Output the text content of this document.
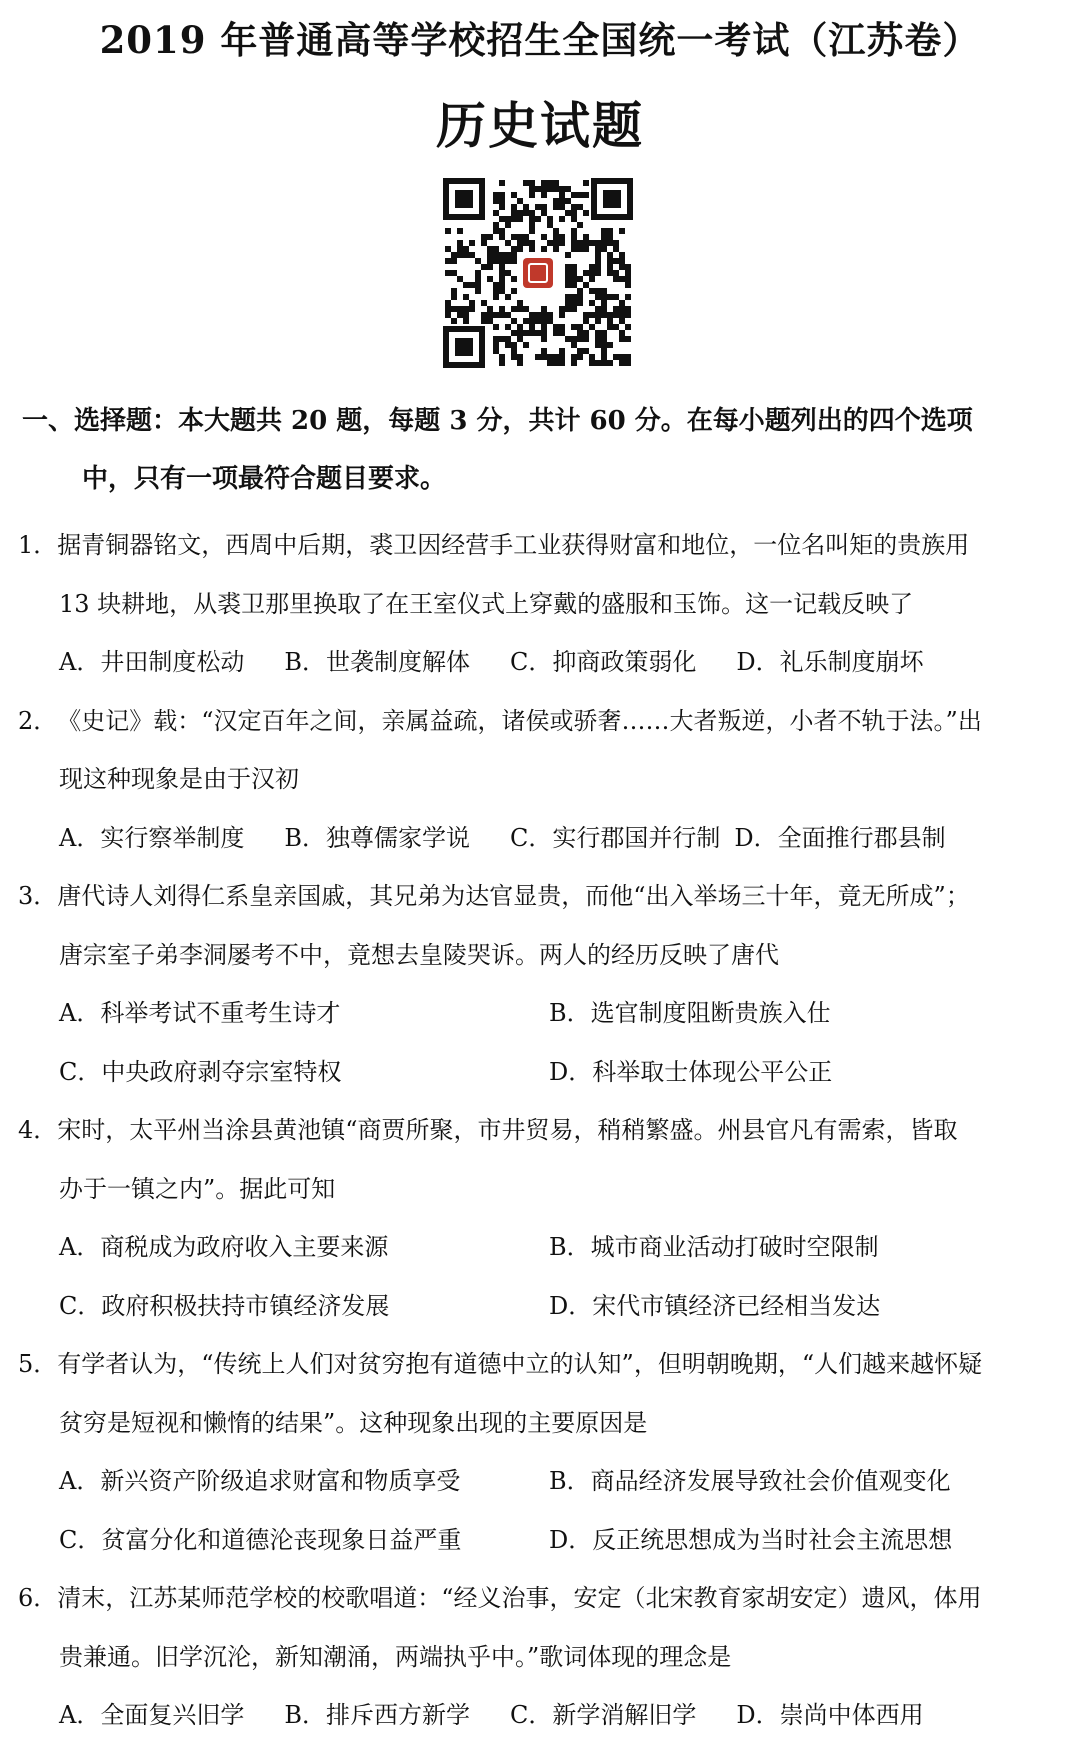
2019 年普通高等学校招生全国统一考试（江苏卷）
历史试题
一、选择题：本大题共 20 题，每题 3 分，共计 60 分。在每小题列出的四个选项
中，只有一项最符合题目要求。
1．据青铜器铭文，西周中后期，裘卫因经营手工业获得财富和地位，一位名叫矩的贵族用
13 块耕地，从裘卫那里换取了在王室仪式上穿戴的盛服和玉饰。这一记载反映了
A．井田制度松动 B．世袭制度解体 C．抑商政策弱化 D．礼乐制度崩坏
2．《史记》载：“汉定百年之间，亲属益疏，诸侯或骄奢……大者叛逆，小者不轨于法。”出
现这种现象是由于汉初
A．实行察举制度 B．独尊儒家学说 C．实行郡国并行制 D．全面推行郡县制
3．唐代诗人刘得仁系皇亲国戚，其兄弟为达官显贵，而他“出入举场三十年，竟无所成”；
唐宗室子弟李洞屡考不中，竟想去皇陵哭诉。两人的经历反映了唐代
A．科举考试不重考生诗才	B．选官制度阻断贵族入仕
C．中央政府剥夺宗室特权	D．科举取士体现公平公正
4．宋时，太平州当涂县黄池镇“商贾所聚，市井贸易，稍稍繁盛。州县官凡有需索，皆取
办于一镇之内”。据此可知
A．商税成为政府收入主要来源	B．城市商业活动打破时空限制
C．政府积极扶持市镇经济发展	D．宋代市镇经济已经相当发达
5．有学者认为，“传统上人们对贫穷抱有道德中立的认知”，但明朝晚期，“人们越来越怀疑
贫穷是短视和懒惰的结果”。这种现象出现的主要原因是
A．新兴资产阶级追求财富和物质享受	B．商品经济发展导致社会价值观变化
C．贫富分化和道德沦丧现象日益严重	D．反正统思想成为当时社会主流思想
6．清末，江苏某师范学校的校歌唱道：“经义治事，安定（北宋教育家胡安定）遗风，体用
贵兼通。旧学沉沦，新知潮涌，两端执乎中。”歌词体现的理念是
A．全面复兴旧学 B．排斥西方新学 C．新学消解旧学 D．崇尚中体西用
